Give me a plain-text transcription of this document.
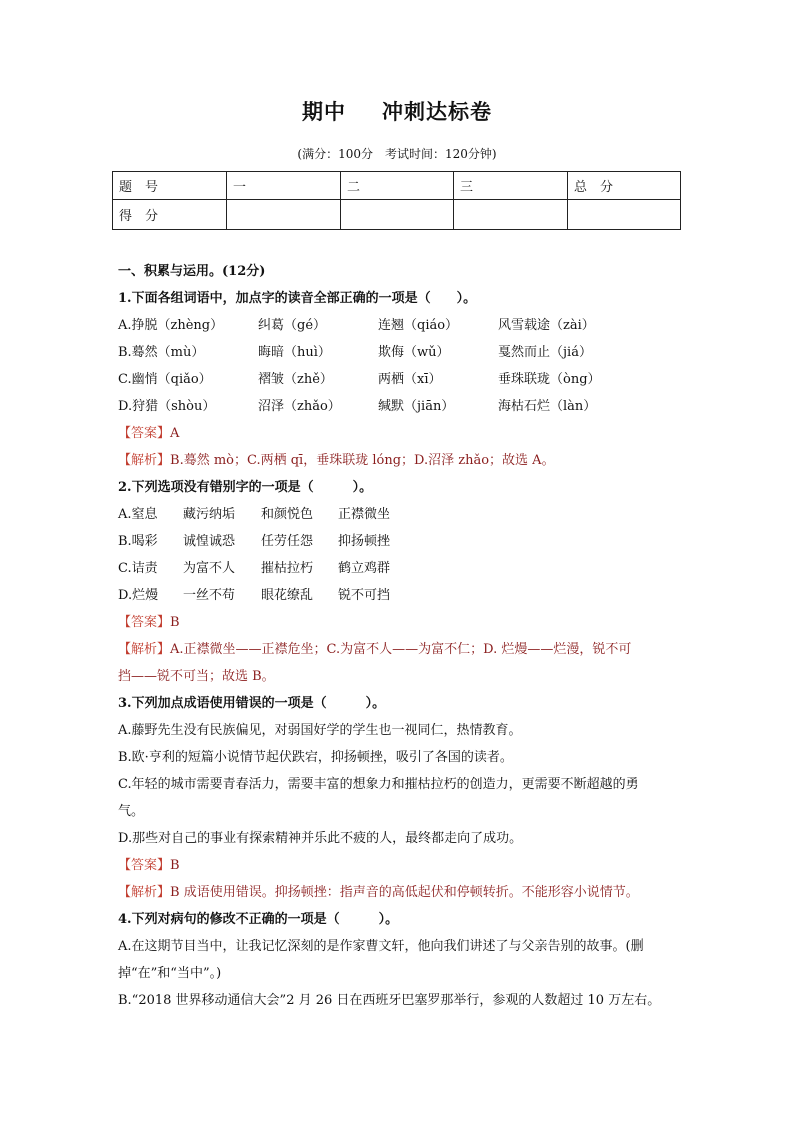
期中 冲刺达标卷
(满分：100分　考试时间：120分钟)
题　号	一	二	三	总　分
得　分				
一、积累与运用。(12分)
1.下面各组词语中，加点字的读音全部正确的一项是（　　）。
A.挣脱（zhèng）	纠葛（gé）	连翘（qiáo）	风雪载途（zài）
B.蓦然（mù）	晦暗（huì）	欺侮（wǔ）	戛然而止（jiá）
C.幽悄（qiǎo）	褶皱（zhě）	两栖（xī）	垂珠联珑（òng）
D.狩猎（shòu）	沼泽（zhǎo）	缄默（jiān）	海枯石烂（làn）
【答案】A
【解析】B.蓦然 mò；C.两栖 qī，垂珠联珑 lóng；D.沼泽 zhǎo；故选 A。
2.下列选项没有错别字的一项是（　　　）。
A.窒息	藏污纳垢	和颜悦色	正襟微坐
B.喝彩	诚惶诚恐	任劳任怨	抑扬顿挫
C.诘责	为富不人	摧枯拉朽	鹤立鸡群
D.烂熳	一丝不苟	眼花缭乱	锐不可挡
【答案】B
【解析】A.正襟微坐——正襟危坐；C.为富不人——为富不仁；D. 烂熳——烂漫，锐不可
挡——锐不可当；故选 B。
3.下列加点成语使用错误的一项是（　　　）。
A.藤野先生没有民族偏见，对弱国好学的学生也一视同仁，热情教育。
B.欧·亨利的短篇小说情节起伏跌宕，抑扬顿挫，吸引了各国的读者。
C.年轻的城市需要青春活力，需要丰富的想象力和摧枯拉朽的创造力，更需要不断超越的勇
气。
D.那些对自己的事业有探索精神并乐此不疲的人，最终都走向了成功。
【答案】B
【解析】B 成语使用错误。抑扬顿挫：指声音的高低起伏和停顿转折。不能形容小说情节。
4.下列对病句的修改不正确的一项是（　　　）。
A.在这期节目当中，让我记忆深刻的是作家曹文轩，他向我们讲述了与父亲告别的故事。(删
掉“在”和“当中”。)
B.“2018 世界移动通信大会”2 月 26 日在西班牙巴塞罗那举行，参观的人数超过 10 万左右。
